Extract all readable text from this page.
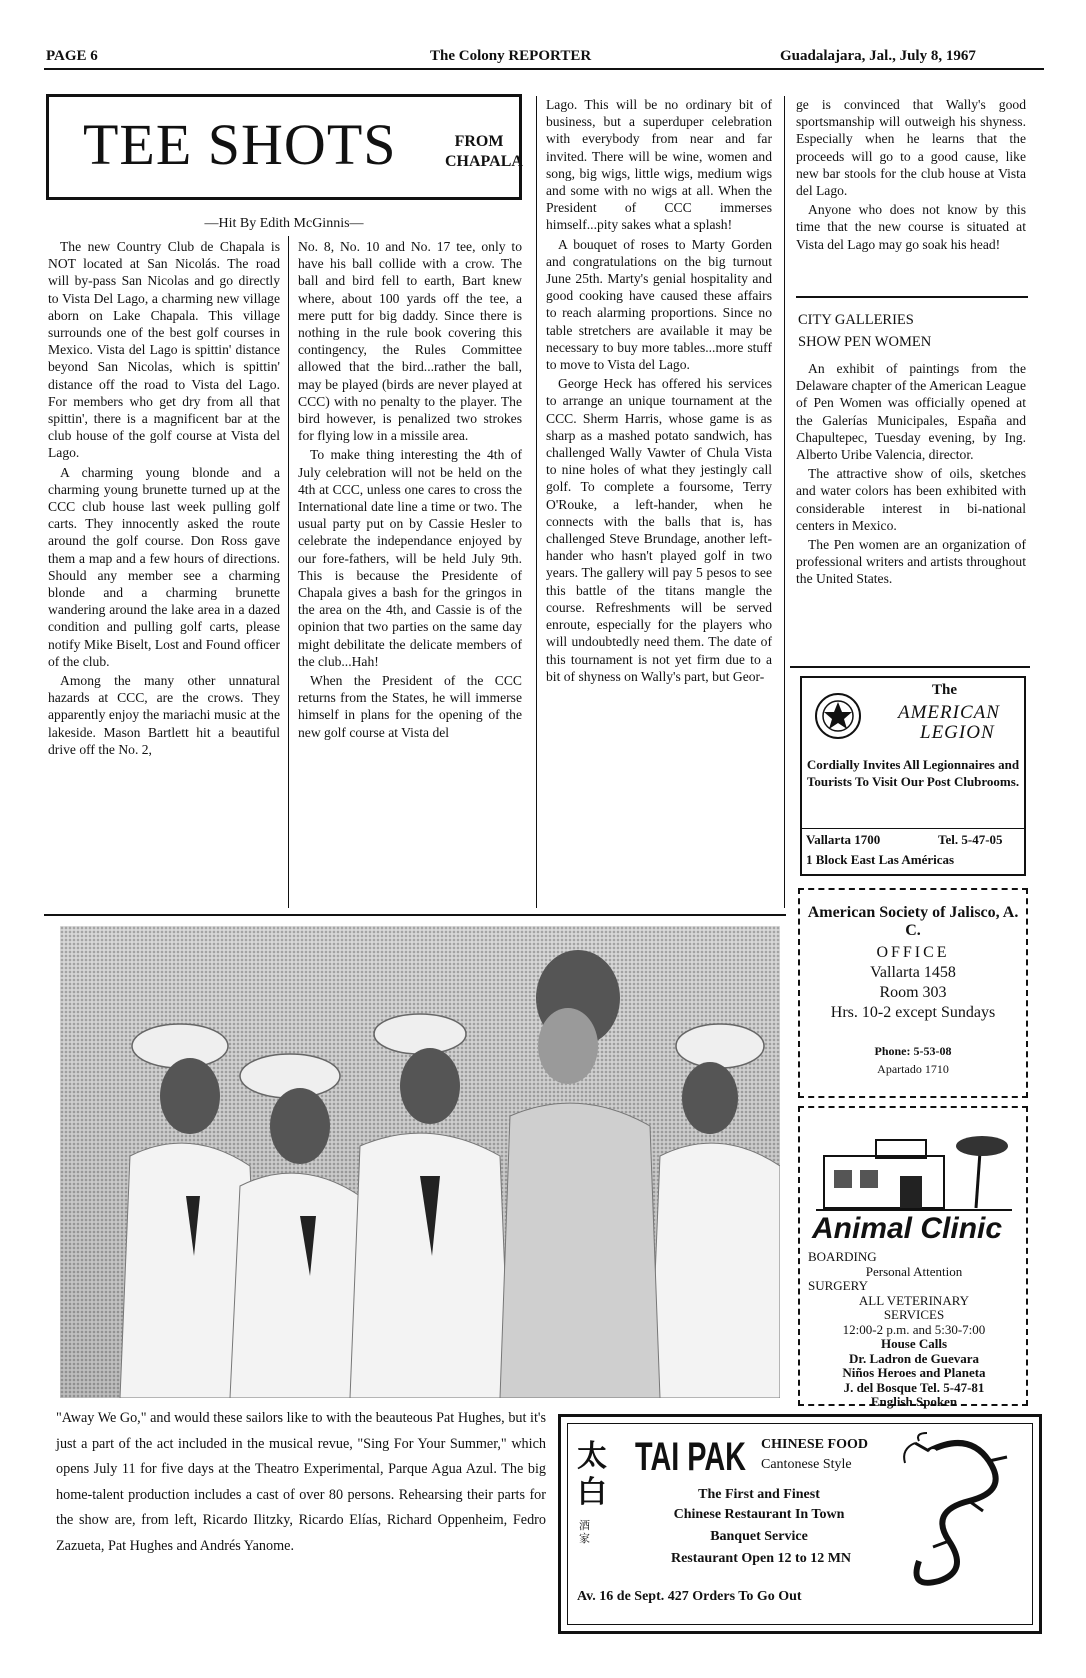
PAGE 6	The Colony REPORTER	Guadalajara, Jal., July 8, 1967
TEE SHOTS	FROM
CHAPALA
—Hit By Edith McGinnis—

The new Country Club de Chapala is NOT located at San Nicolás. The road will by-pass San Nicolas and go directly to Vista Del Lago, a charming new village aborn on Lake Chapala. This village surrounds one of the best golf courses in Mexico. Vista del Lago is spittin' distance beyond San Nicolas, which is spittin' distance off the road to Vista del Lago. For members who get dry from all that spittin', there is a magnificent bar at the club house of the golf course at Vista del Lago.

A charming young blonde and a charming young brunette turned up at the CCC club house last week pulling golf carts. They innocently asked the route around the golf course. Don Ross gave them a map and a few hours of directions. Should any member see a charming blonde and a charming brunette wandering around the lake area in a dazed condition and pulling golf carts, please notify Mike Biselt, Lost and Found officer of the club.

Among the many other unnatural hazards at CCC, are the crows. They apparently enjoy the mariachi music at the lakeside. Mason Bartlett hit a beautiful drive off the No. 2,

No. 8, No. 10 and No. 17 tee, only to have his ball collide with a crow. The ball and bird fell to earth, Bart knew where, about 100 yards off the tee, a mere putt for big daddy. Since there is nothing in the rule book covering this contingency, the Rules Committee allowed that the bird...rather the ball, may be played (birds are never played at CCC) with no penalty to the player. The bird however, is penalized two strokes for flying low in a missile area.

To make thing interesting the 4th of July celebration will not be held on the 4th at CCC, unless one cares to cross the International date line a time or two. The usual party put on by Cassie Hesler to celebrate the independance enjoyed by our fore-fathers, will be held July 9th. This is because the Presidente of Chapala gives a bash for the gringos in the area on the 4th, and Cassie is of the opinion that two parties on the same day might debilitate the delicate members of the club...Hah!

When the President of the CCC returns from the States, he will immerse himself in plans for the opening of the new golf course at Vista del

Lago. This will be no ordinary bit of business, but a superduper celebration with everybody from near and far invited. There will be wine, women and song, big wigs, little wigs, medium wigs and some with no wigs at all. When the President of CCC immerses himself...pity sakes what a splash!

A bouquet of roses to Marty Gorden and congratulations on the big turnout June 25th. Marty's genial hospitality and good cooking have caused these affairs to reach alarming proportions. Since no table stretchers are available it may be necessary to buy more tables...more stuff to move to Vista del Lago.

George Heck has offered his services to arrange an unique tournament at the CCC. Sherm Harris, whose game is as sharp as a mashed potato sandwich, has challenged Wally Vawter of Chula Vista to nine holes of what they jestingly call golf. To complete a foursome, Terry O'Rouke, a left-hander, when he connects with the balls that is, has challenged Steve Brundage, another left-hander who hasn't played golf in two years. The gallery will pay 5 pesos to see this battle of the titans mangle the course. Refreshments will be served enroute, especially for the players who will undoubtedly need them. The date of this tournament is not yet firm due to a bit of shyness on Wally's part, but Geor-

ge is convinced that Wally's good sportsmanship will outweigh his shyness. Especially when he learns that the proceeds will go to a good cause, like new bar stools for the club house at Vista del Lago.

Anyone who does not know by this time that the new course is situated at Vista del Lago may go soak his head!

CITY GALLERIES
SHOW PEN WOMEN

An exhibit of paintings from the Delaware chapter of the American League of Pen Women was officially opened at the Galerías Municipales, España and Chapultepec, Tuesday evening, by Ing. Alberto Uribe Valencia, director.

The attractive show of oils, sketches and water colors has been exhibited with considerable interest in bi-national centers in Mexico.

The Pen women are an organization of professional writers and artists throughout the United States.

The
AMERICAN
LEGION
Cordially Invites All Legionnaires and Tourists To Visit Our Post Clubrooms.
Vallarta 1700	Tel. 5-47-05
1 Block East Las Américas
American Society of Jalisco, A. C.
OFFICE
Vallarta 1458
Room 303
Hrs. 10-2 except Sundays
Phone: 5-53-08
Apartado 1710
Animal Clinic
BOARDING
Personal Attention
SURGERY
ALL VETERINARY
SERVICES
12:00-2 p.m. and 5:30-7:00
House Calls
Dr. Ladron de Guevara
Niños Heroes and Planeta
J. del Bosque Tel. 5-47-81
English Spoken
"Away We Go," and would these sailors like to with the beauteous Pat Hughes, but it's just a part of the act included in the musical revue, "Sing For Your Summer," which opens July 11 for five days at the Theatro Experimental, Parque Agua Azul. The big home-talent production includes a cast of over 80 persons. Rehearsing their parts for the show are, from left, Ricardo Ilitzky, Ricardo Elías, Richard Oppenheim, Fedro Zazueta, Pat Hughes and Andrés Yanome.
太白
酒家
TAI PAK CHINESE FOOD
Cantonese Style
The First and Finest
Chinese Restaurant In Town
Banquet Service
Restaurant Open 12 to 12 MN
Av. 16 de Sept. 427 Orders To Go Out
